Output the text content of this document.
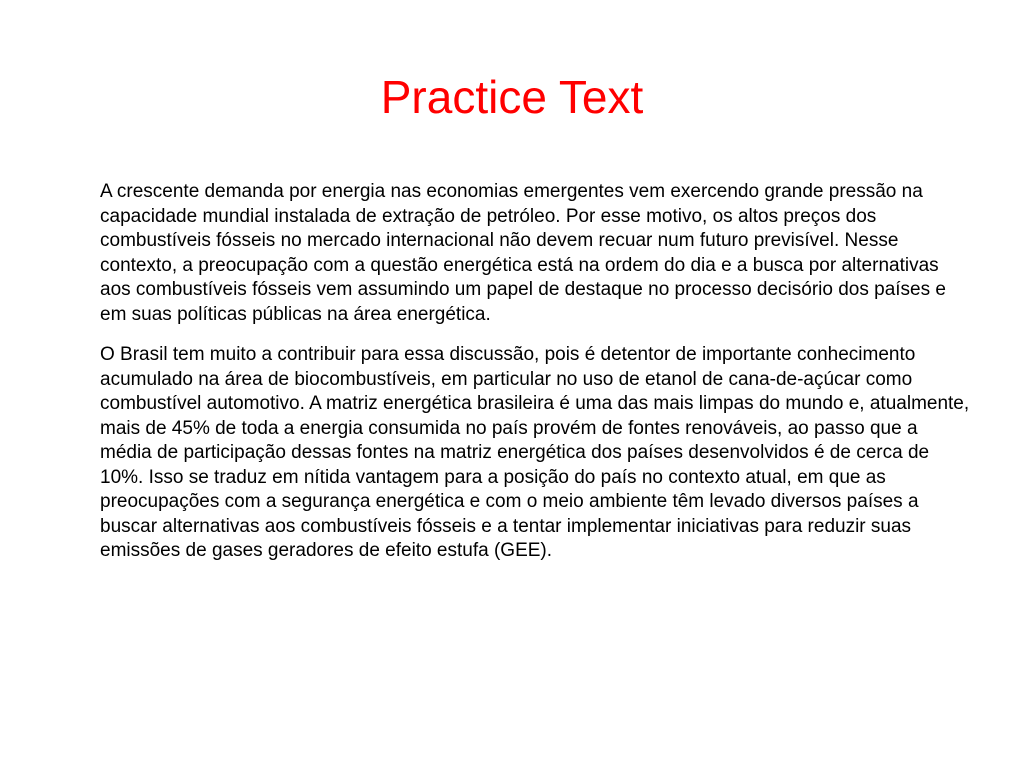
Practice Text

A crescente demanda por energia nas economias emergentes vem exercendo grande pressão na capacidade mundial instalada de extração de petróleo. Por esse motivo, os altos preços dos combustíveis fósseis no mercado internacional não devem recuar num futuro previsível. Nesse contexto, a preocupação com a questão energética está na ordem do dia e a busca por alternativas aos combustíveis fósseis vem assumindo um papel de destaque no processo decisório dos países e em suas políticas públicas na área energética.

O Brasil tem muito a contribuir para essa discussão, pois é detentor de importante conhecimento acumulado na área de biocombustíveis, em particular no uso de etanol de cana-de-açúcar como combustível automotivo. A matriz energética brasileira é uma das mais limpas do mundo e, atualmente, mais de 45% de toda a energia consumida no país provém de fontes renováveis, ao passo que a média de participação dessas fontes na matriz energética dos países desenvolvidos é de cerca de 10%. Isso se traduz em nítida vantagem para a posição do país no contexto atual, em que as preocupações com a segurança energética e com o meio ambiente têm levado diversos países a buscar alternativas aos combustíveis fósseis e a tentar implementar iniciativas para reduzir suas emissões de gases geradores de efeito estufa (GEE).
